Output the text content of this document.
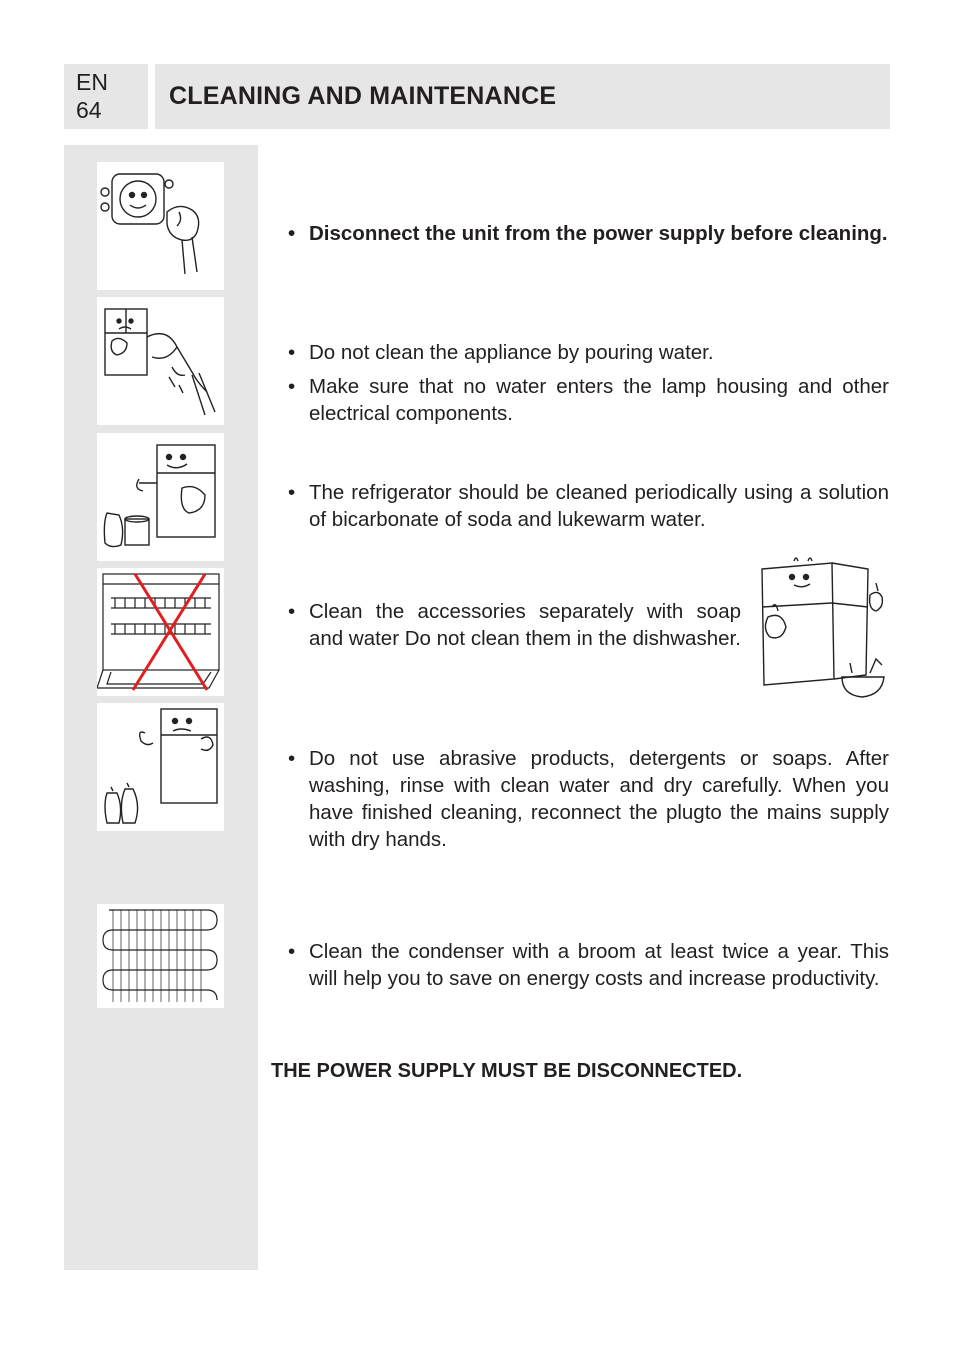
EN
64	CLEANING AND MAINTENANCE
• Disconnect the unit from the power supply before cleaning.
• Do not clean the appliance by pouring water.
• Make sure that no water enters the lamp housing and other electrical components.
• The refrigerator should be cleaned periodically using a solution of bicarbonate of soda and lukewarm water.
• Clean the accessories separately with soap and water Do not clean them in the dishwasher.
• Do not use abrasive products, detergents or soaps. After washing, rinse with clean water and dry carefully. When you have finished cleaning, reconnect the plugto the mains supply with dry hands.
• Clean the condenser with a broom at least twice a year. This will help you to save on energy costs and increase productivity.
THE POWER SUPPLY MUST BE DISCONNECTED.
